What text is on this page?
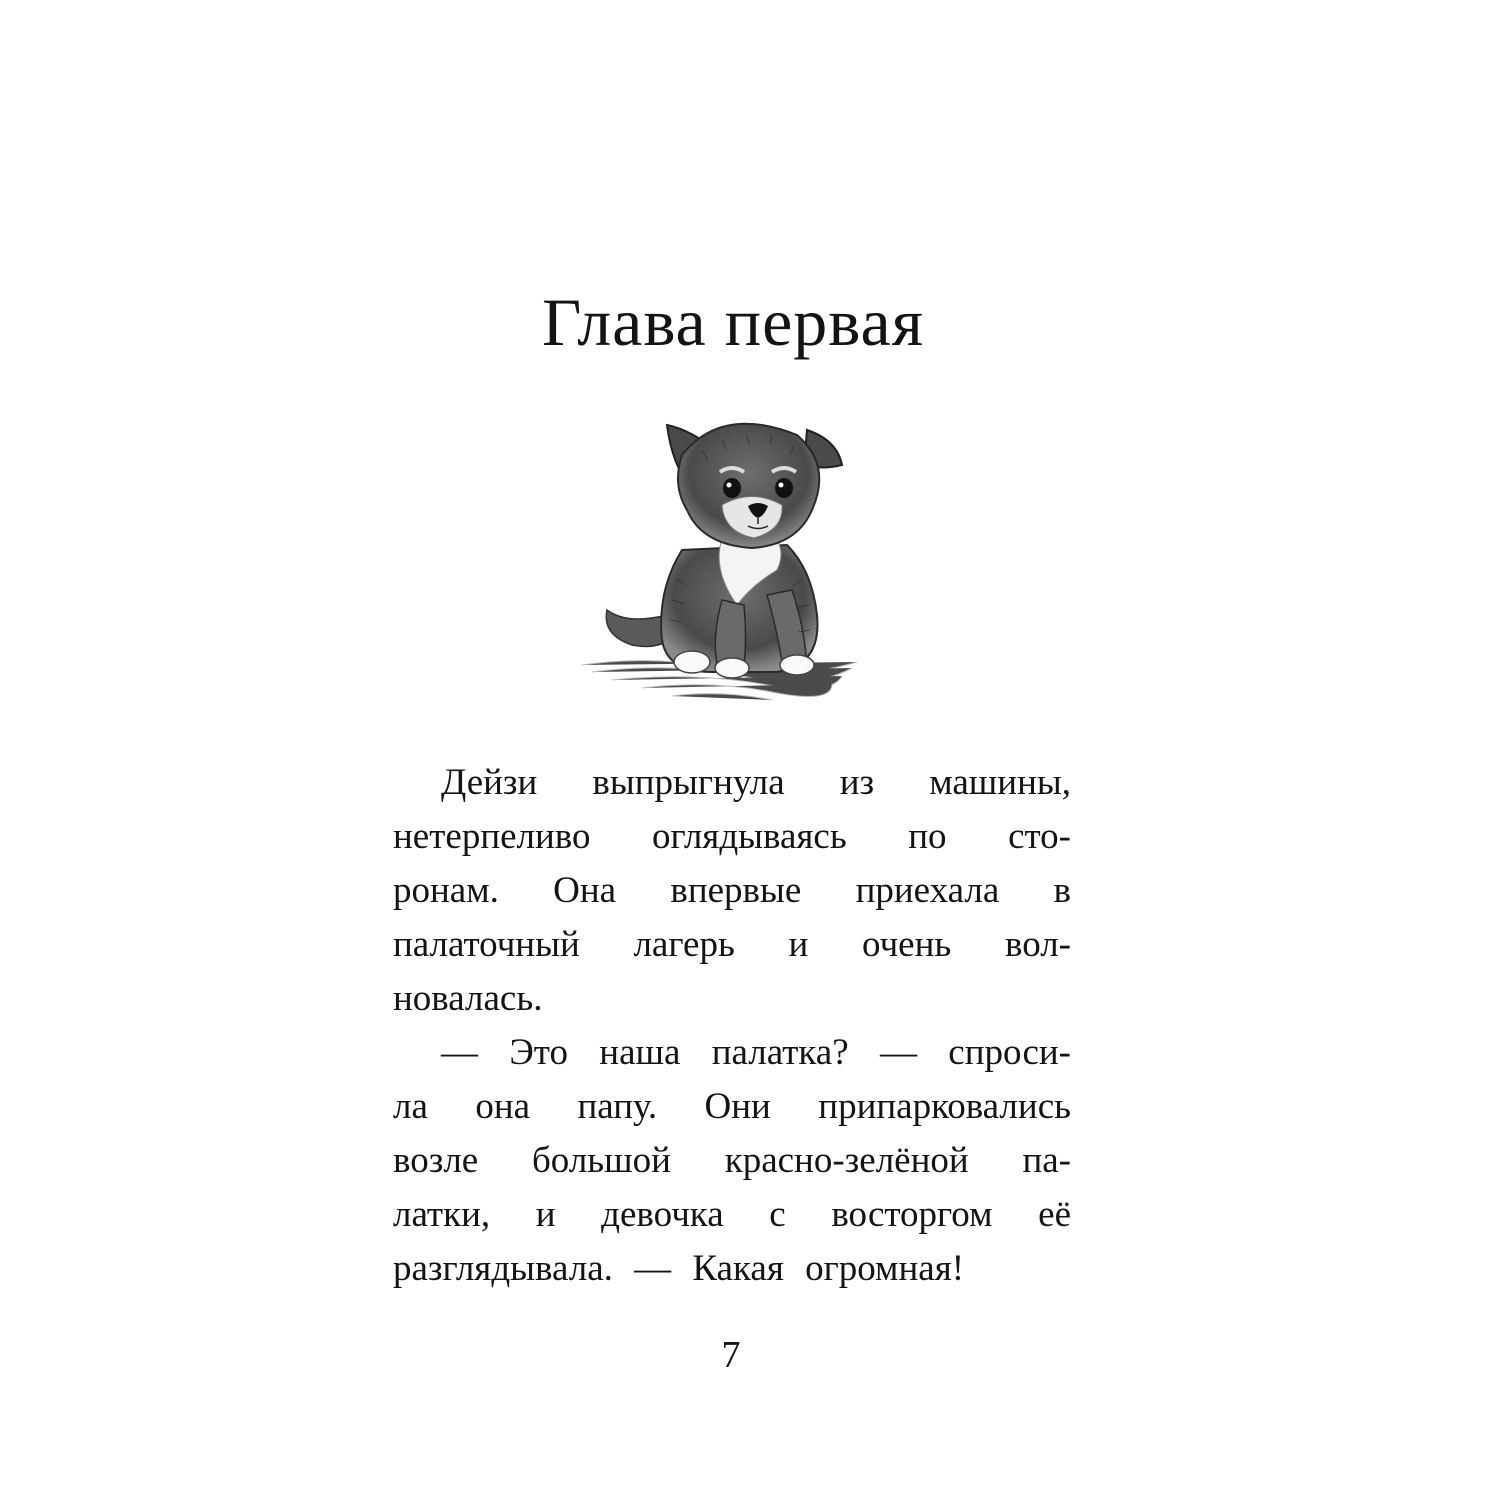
Глава первая
Дейзи выпрыгнула из машины,
нетерпеливо оглядываясь по сто-
ронам. Она впервые приехала в
палаточный лагерь и очень вол-
новалась.
— Это наша палатка? — спроси-
ла она папу. Они припарковались
возле большой красно-зелёной па-
латки, и девочка с восторгом её
разглядывала. — Какая огромная!
7
